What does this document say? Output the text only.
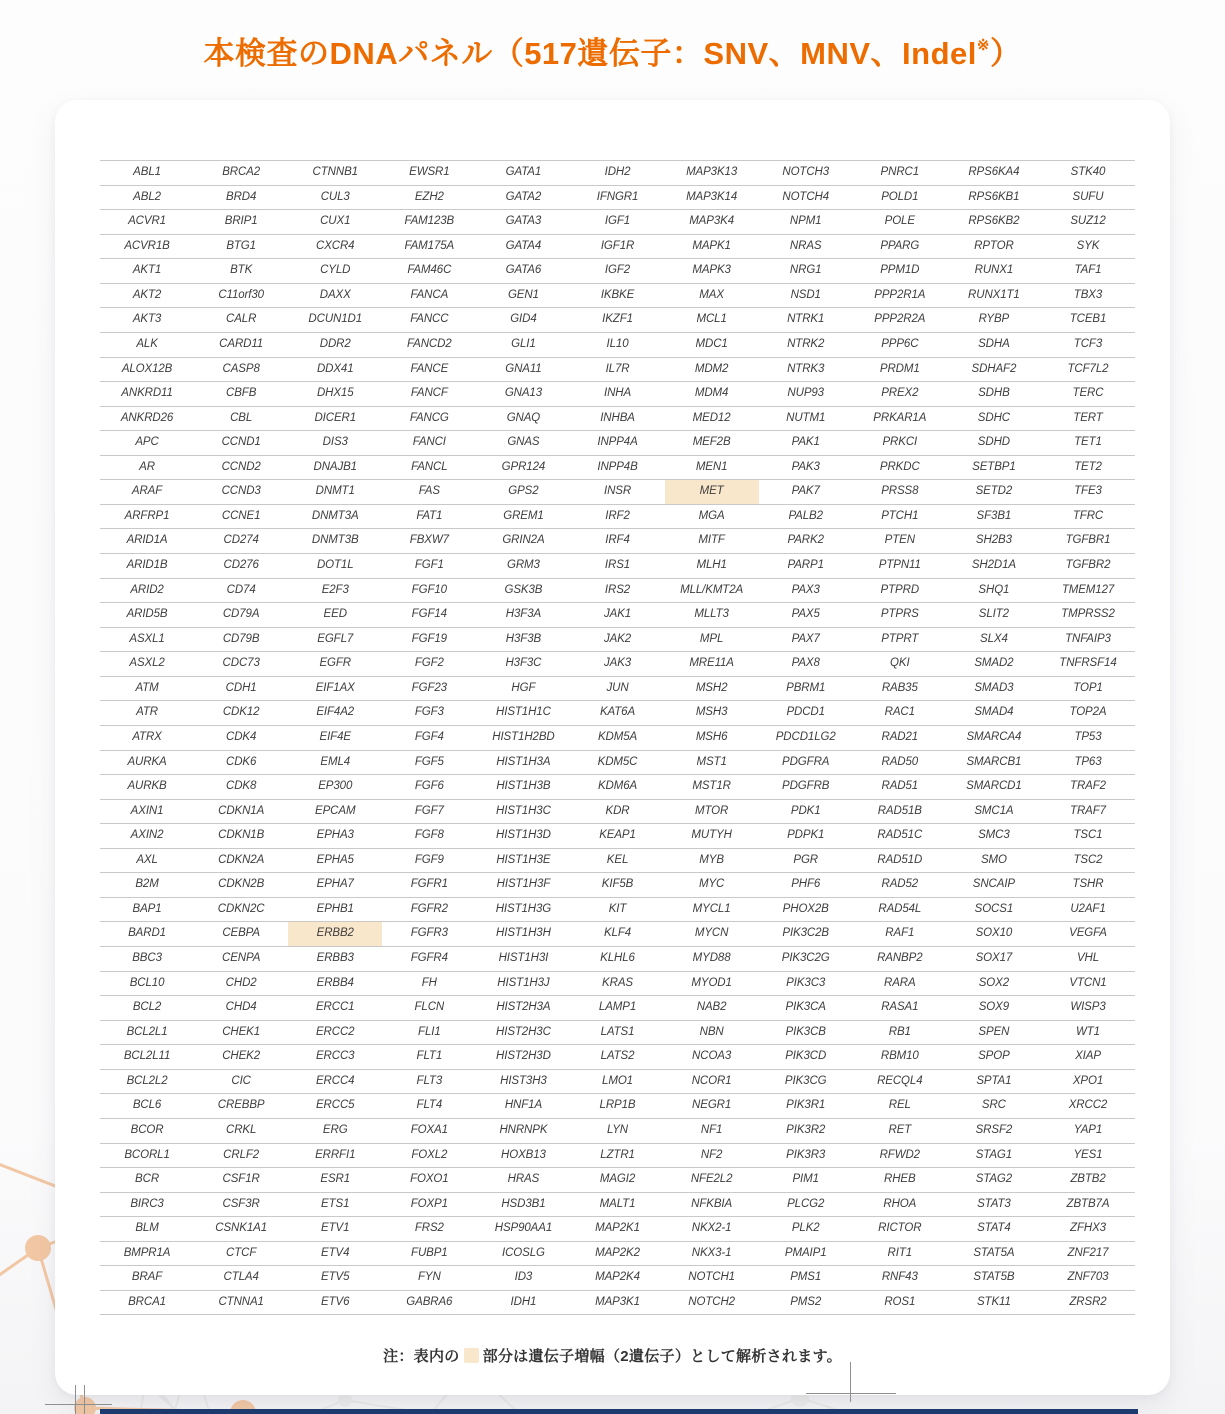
本検査のDNAパネル（517遺伝子：SNV、MNV、Indel※）
ABL1	BRCA2	CTNNB1	EWSR1	GATA1	IDH2	MAP3K13	NOTCH3	PNRC1	RPS6KA4	STK40
ABL2	BRD4	CUL3	EZH2	GATA2	IFNGR1	MAP3K14	NOTCH4	POLD1	RPS6KB1	SUFU
ACVR1	BRIP1	CUX1	FAM123B	GATA3	IGF1	MAP3K4	NPM1	POLE	RPS6KB2	SUZ12
ACVR1B	BTG1	CXCR4	FAM175A	GATA4	IGF1R	MAPK1	NRAS	PPARG	RPTOR	SYK
AKT1	BTK	CYLD	FAM46C	GATA6	IGF2	MAPK3	NRG1	PPM1D	RUNX1	TAF1
AKT2	C11orf30	DAXX	FANCA	GEN1	IKBKE	MAX	NSD1	PPP2R1A	RUNX1T1	TBX3
AKT3	CALR	DCUN1D1	FANCC	GID4	IKZF1	MCL1	NTRK1	PPP2R2A	RYBP	TCEB1
ALK	CARD11	DDR2	FANCD2	GLI1	IL10	MDC1	NTRK2	PPP6C	SDHA	TCF3
ALOX12B	CASP8	DDX41	FANCE	GNA11	IL7R	MDM2	NTRK3	PRDM1	SDHAF2	TCF7L2
ANKRD11	CBFB	DHX15	FANCF	GNA13	INHA	MDM4	NUP93	PREX2	SDHB	TERC
ANKRD26	CBL	DICER1	FANCG	GNAQ	INHBA	MED12	NUTM1	PRKAR1A	SDHC	TERT
APC	CCND1	DIS3	FANCI	GNAS	INPP4A	MEF2B	PAK1	PRKCI	SDHD	TET1
AR	CCND2	DNAJB1	FANCL	GPR124	INPP4B	MEN1	PAK3	PRKDC	SETBP1	TET2
ARAF	CCND3	DNMT1	FAS	GPS2	INSR	MET	PAK7	PRSS8	SETD2	TFE3
ARFRP1	CCNE1	DNMT3A	FAT1	GREM1	IRF2	MGA	PALB2	PTCH1	SF3B1	TFRC
ARID1A	CD274	DNMT3B	FBXW7	GRIN2A	IRF4	MITF	PARK2	PTEN	SH2B3	TGFBR1
ARID1B	CD276	DOT1L	FGF1	GRM3	IRS1	MLH1	PARP1	PTPN11	SH2D1A	TGFBR2
ARID2	CD74	E2F3	FGF10	GSK3B	IRS2	MLL/KMT2A	PAX3	PTPRD	SHQ1	TMEM127
ARID5B	CD79A	EED	FGF14	H3F3A	JAK1	MLLT3	PAX5	PTPRS	SLIT2	TMPRSS2
ASXL1	CD79B	EGFL7	FGF19	H3F3B	JAK2	MPL	PAX7	PTPRT	SLX4	TNFAIP3
ASXL2	CDC73	EGFR	FGF2	H3F3C	JAK3	MRE11A	PAX8	QKI	SMAD2	TNFRSF14
ATM	CDH1	EIF1AX	FGF23	HGF	JUN	MSH2	PBRM1	RAB35	SMAD3	TOP1
ATR	CDK12	EIF4A2	FGF3	HIST1H1C	KAT6A	MSH3	PDCD1	RAC1	SMAD4	TOP2A
ATRX	CDK4	EIF4E	FGF4	HIST1H2BD	KDM5A	MSH6	PDCD1LG2	RAD21	SMARCA4	TP53
AURKA	CDK6	EML4	FGF5	HIST1H3A	KDM5C	MST1	PDGFRA	RAD50	SMARCB1	TP63
AURKB	CDK8	EP300	FGF6	HIST1H3B	KDM6A	MST1R	PDGFRB	RAD51	SMARCD1	TRAF2
AXIN1	CDKN1A	EPCAM	FGF7	HIST1H3C	KDR	MTOR	PDK1	RAD51B	SMC1A	TRAF7
AXIN2	CDKN1B	EPHA3	FGF8	HIST1H3D	KEAP1	MUTYH	PDPK1	RAD51C	SMC3	TSC1
AXL	CDKN2A	EPHA5	FGF9	HIST1H3E	KEL	MYB	PGR	RAD51D	SMO	TSC2
B2M	CDKN2B	EPHA7	FGFR1	HIST1H3F	KIF5B	MYC	PHF6	RAD52	SNCAIP	TSHR
BAP1	CDKN2C	EPHB1	FGFR2	HIST1H3G	KIT	MYCL1	PHOX2B	RAD54L	SOCS1	U2AF1
BARD1	CEBPA	ERBB2	FGFR3	HIST1H3H	KLF4	MYCN	PIK3C2B	RAF1	SOX10	VEGFA
BBC3	CENPA	ERBB3	FGFR4	HIST1H3I	KLHL6	MYD88	PIK3C2G	RANBP2	SOX17	VHL
BCL10	CHD2	ERBB4	FH	HIST1H3J	KRAS	MYOD1	PIK3C3	RARA	SOX2	VTCN1
BCL2	CHD4	ERCC1	FLCN	HIST2H3A	LAMP1	NAB2	PIK3CA	RASA1	SOX9	WISP3
BCL2L1	CHEK1	ERCC2	FLI1	HIST2H3C	LATS1	NBN	PIK3CB	RB1	SPEN	WT1
BCL2L11	CHEK2	ERCC3	FLT1	HIST2H3D	LATS2	NCOA3	PIK3CD	RBM10	SPOP	XIAP
BCL2L2	CIC	ERCC4	FLT3	HIST3H3	LMO1	NCOR1	PIK3CG	RECQL4	SPTA1	XPO1
BCL6	CREBBP	ERCC5	FLT4	HNF1A	LRP1B	NEGR1	PIK3R1	REL	SRC	XRCC2
BCOR	CRKL	ERG	FOXA1	HNRNPK	LYN	NF1	PIK3R2	RET	SRSF2	YAP1
BCORL1	CRLF2	ERRFI1	FOXL2	HOXB13	LZTR1	NF2	PIK3R3	RFWD2	STAG1	YES1
BCR	CSF1R	ESR1	FOXO1	HRAS	MAGI2	NFE2L2	PIM1	RHEB	STAG2	ZBTB2
BIRC3	CSF3R	ETS1	FOXP1	HSD3B1	MALT1	NFKBIA	PLCG2	RHOA	STAT3	ZBTB7A
BLM	CSNK1A1	ETV1	FRS2	HSP90AA1	MAP2K1	NKX2-1	PLK2	RICTOR	STAT4	ZFHX3
BMPR1A	CTCF	ETV4	FUBP1	ICOSLG	MAP2K2	NKX3-1	PMAIP1	RIT1	STAT5A	ZNF217
BRAF	CTLA4	ETV5	FYN	ID3	MAP2K4	NOTCH1	PMS1	RNF43	STAT5B	ZNF703
BRCA1	CTNNA1	ETV6	GABRA6	IDH1	MAP3K1	NOTCH2	PMS2	ROS1	STK11	ZRSR2
注：表内の 部分は遺伝子増幅（2遺伝子）として解析されます。
